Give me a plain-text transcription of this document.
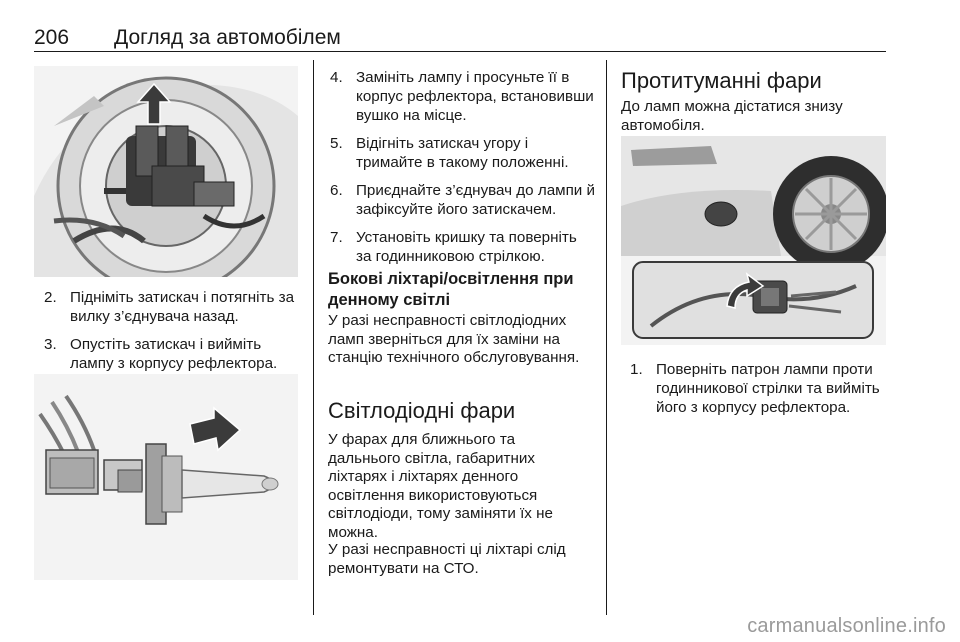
206 Догляд за автомобілем
2. Підніміть затискач і потягніть за вилку з’єднувача назад.
3. Опустіть затискач і вийміть лампу з корпусу рефлектора.
4. Замініть лампу і просуньте її в корпус рефлектора, встановивши вушко на місце.
5. Відігніть затискач угору і тримайте в такому положенні.
6. Приєднайте з’єднувач до лампи й зафіксуйте його затискачем.
7. Установіть кришку та поверніть за годинниковою стрілкою.
Бокові ліхтарі/освітлення при денному світлі
У разі несправності світлодіодних ламп зверніться для їх заміни на станцію технічного обслуговування.
Світлодіодні фари
У фарах для ближнього та дальнього світла, габаритних ліхтарях і ліхтарях денного освітлення використовуються світлодіоди, тому заміняти їх не можна.
У разі несправності ці ліхтарі слід ремонтувати на СТО.
Протитуманні фари
До ламп можна дістатися знизу автомобіля.
1. Поверніть патрон лампи проти годинникової стрілки та вийміть його з корпусу рефлектора.
carmanualsonline.info
